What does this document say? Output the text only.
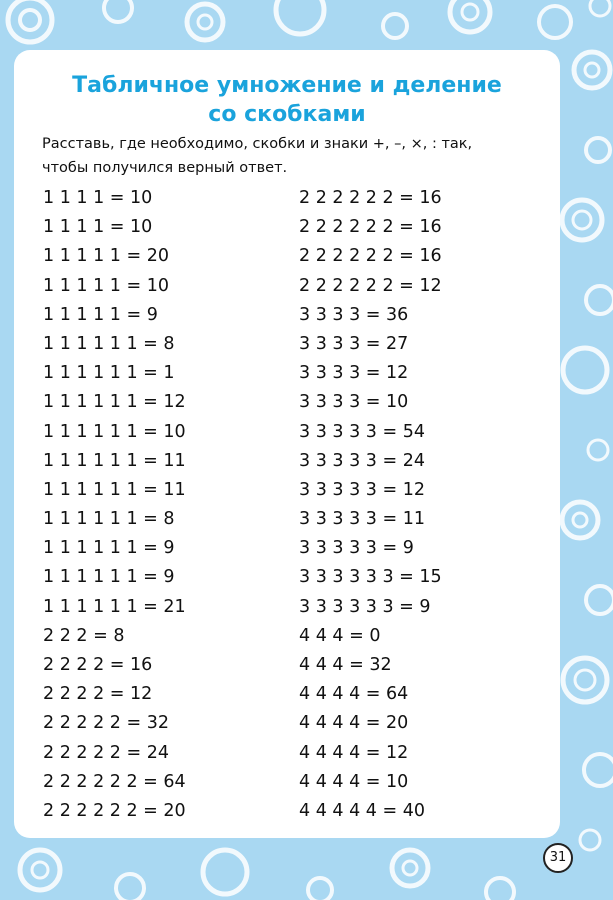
Табличное умножение и деление
со скобками
Расставь, где необходимо, скобки и знаки +, –, ×, : так,
чтобы получился верный ответ.
1 1 1 1 = 10
1 1 1 1 = 10
1 1 1 1 1 = 20
1 1 1 1 1 = 10
1 1 1 1 1 = 9
1 1 1 1 1 1 = 8
1 1 1 1 1 1 = 1
1 1 1 1 1 1 = 12
1 1 1 1 1 1 = 10
1 1 1 1 1 1 = 11
1 1 1 1 1 1 = 11
1 1 1 1 1 1 = 8
1 1 1 1 1 1 = 9
1 1 1 1 1 1 = 9
1 1 1 1 1 1 = 21
2 2 2 = 8
2 2 2 2 = 16
2 2 2 2 = 12
2 2 2 2 2 = 32
2 2 2 2 2 = 24
2 2 2 2 2 2 = 64
2 2 2 2 2 2 = 20
2 2 2 2 2 2 = 16
2 2 2 2 2 2 = 16
2 2 2 2 2 2 = 16
2 2 2 2 2 2 = 12
3 3 3 3 = 36
3 3 3 3 = 27
3 3 3 3 = 12
3 3 3 3 = 10
3 3 3 3 3 = 54
3 3 3 3 3 = 24
3 3 3 3 3 = 12
3 3 3 3 3 = 11
3 3 3 3 3 = 9
3 3 3 3 3 3 = 15
3 3 3 3 3 3 = 9
4 4 4 = 0
4 4 4 = 32
4 4 4 4 = 64
4 4 4 4 = 20
4 4 4 4 = 12
4 4 4 4 = 10
4 4 4 4 4 = 40
31
